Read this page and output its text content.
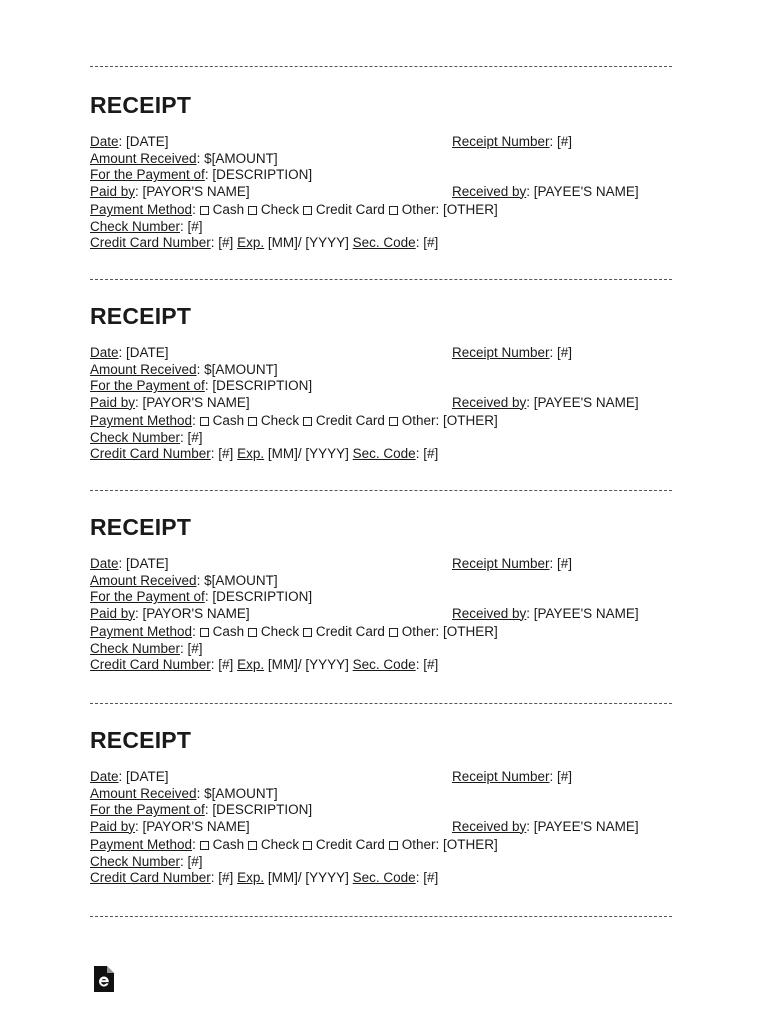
RECEIPT
Date: [DATE]	Receipt Number: [#]
Amount Received: $[AMOUNT]
For the Payment of: [DESCRIPTION]
Paid by: [PAYOR'S NAME]	Received by: [PAYEE'S NAME]
Payment Method: Cash Check Credit Card Other: [OTHER]
Check Number: [#]
Credit Card Number: [#] Exp. [MM]/ [YYYY] Sec. Code: [#]
RECEIPT
Date: [DATE]	Receipt Number: [#]
Amount Received: $[AMOUNT]
For the Payment of: [DESCRIPTION]
Paid by: [PAYOR'S NAME]	Received by: [PAYEE'S NAME]
Payment Method: Cash Check Credit Card Other: [OTHER]
Check Number: [#]
Credit Card Number: [#] Exp. [MM]/ [YYYY] Sec. Code: [#]
RECEIPT
Date: [DATE]	Receipt Number: [#]
Amount Received: $[AMOUNT]
For the Payment of: [DESCRIPTION]
Paid by: [PAYOR'S NAME]	Received by: [PAYEE'S NAME]
Payment Method: Cash Check Credit Card Other: [OTHER]
Check Number: [#]
Credit Card Number: [#] Exp. [MM]/ [YYYY] Sec. Code: [#]
RECEIPT
Date: [DATE]	Receipt Number: [#]
Amount Received: $[AMOUNT]
For the Payment of: [DESCRIPTION]
Paid by: [PAYOR'S NAME]	Received by: [PAYEE'S NAME]
Payment Method: Cash Check Credit Card Other: [OTHER]
Check Number: [#]
Credit Card Number: [#] Exp. [MM]/ [YYYY] Sec. Code: [#]
